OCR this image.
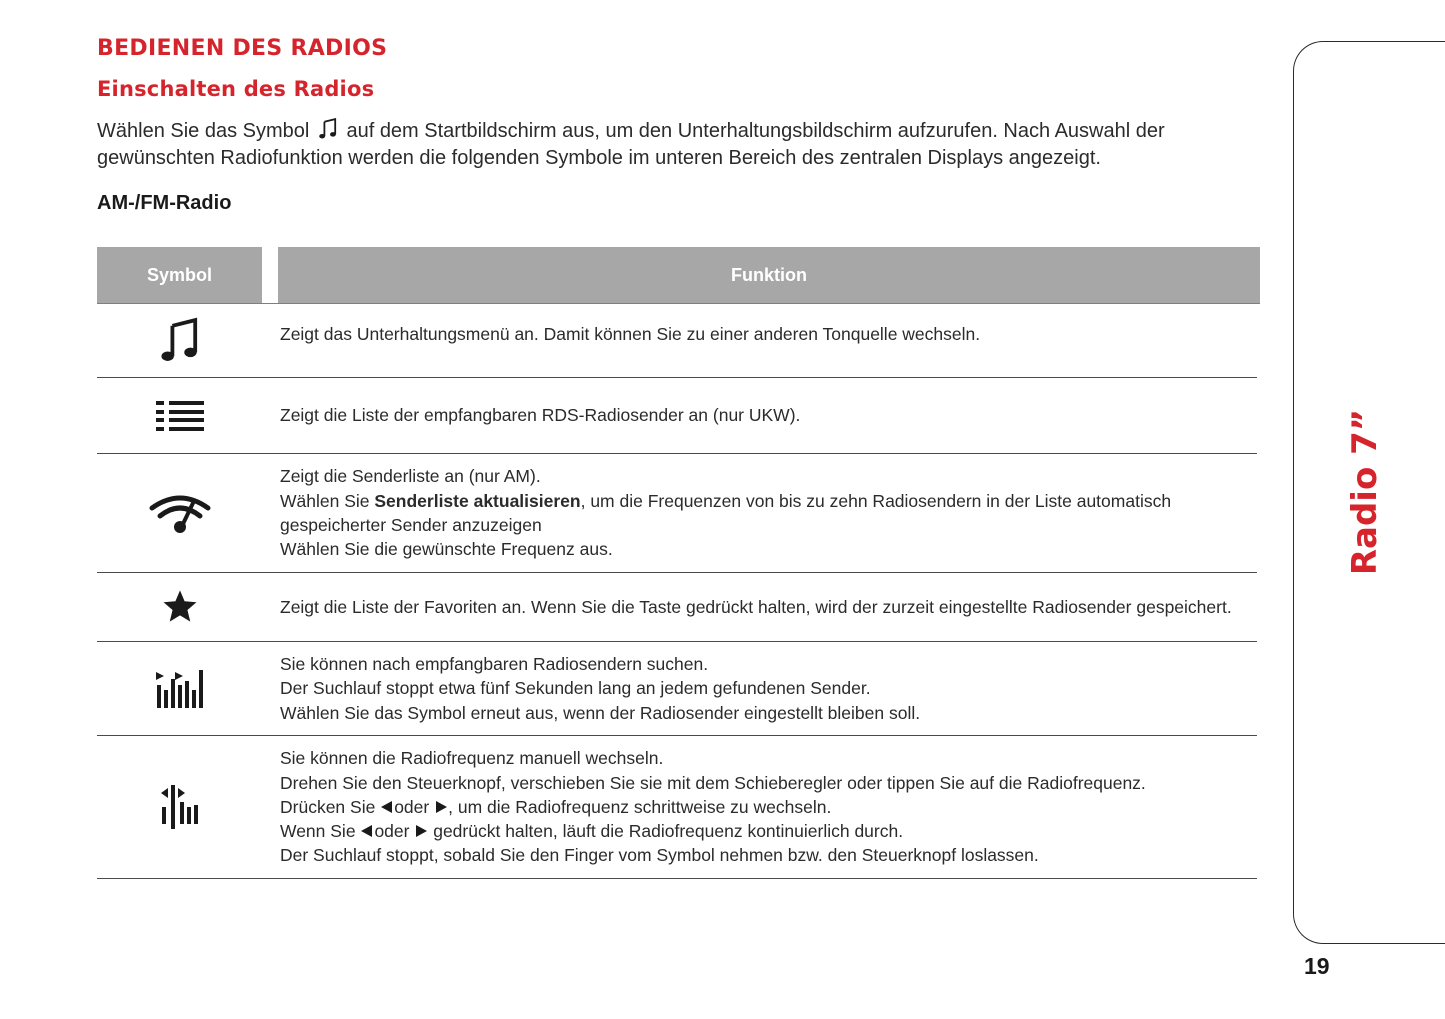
BEDIENEN DES RADIOS
Einschalten des Radios

Wählen Sie das Symbol auf dem Startbildschirm aus, um den Unterhaltungsbildschirm aufzurufen. Nach Auswahl der gewünschten Radiofunktion werden die folgenden Symbole im unteren Bereich des zentralen Displays angezeigt.

AM-/FM-Radio
Symbol	Funktion

Zeigt das Unterhaltungsmenü an. Damit können Sie zu einer anderen Tonquelle wechseln.

Zeigt die Liste der empfangbaren RDS-Radiosender an (nur UKW).

Zeigt die Senderliste an (nur AM).

Wählen Sie Senderliste aktualisieren, um die Frequenzen von bis zu zehn Radiosendern in der Liste automatisch gespeicherter Sender anzuzeigen

Wählen Sie die gewünschte Frequenz aus.

Zeigt die Liste der Favoriten an. Wenn Sie die Taste gedrückt halten, wird der zurzeit eingestellte Radiosender gespeichert.

Sie können nach empfangbaren Radiosendern suchen.

Der Suchlauf stoppt etwa fünf Sekunden lang an jedem gefundenen Sender.

Wählen Sie das Symbol erneut aus, wenn der Radiosender eingestellt bleiben soll.

Sie können die Radiofrequenz manuell wechseln.

Drehen Sie den Steuerknopf, verschieben Sie sie mit dem Schieberegler oder tippen Sie auf die Radiofrequenz.

Drücken Sie oder , um die Radiofrequenz schrittweise zu wechseln.

Wenn Sie oder gedrückt halten, läuft die Radiofrequenz kontinuierlich durch.

Der Suchlauf stoppt, sobald Sie den Finger vom Symbol nehmen bzw. den Steuerknopf loslassen.

Radio 7”

19
